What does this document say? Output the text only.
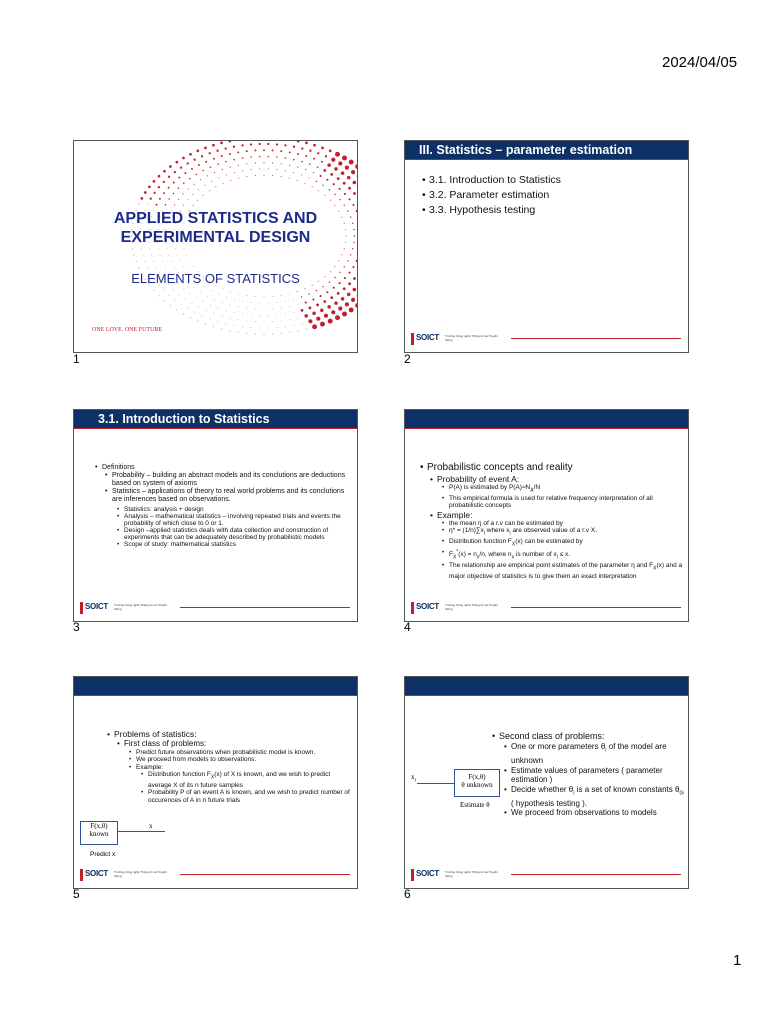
2024/04/05
APPLIED STATISTICS AND
EXPERIMENTAL DESIGN
ELEMENTS OF STATISTICS
ONE LOVE. ONE FUTURE
1
III. Statistics – parameter estimation
• 3.1. Introduction to Statistics
• 3.2. Parameter estimation
• 3.3. Hypothesis testing
SOICT Trường Công nghệ Thông tin và Truyền thông
2
3.1. Introduction to Statistics
• Definitions
• Probability – building an abstract models and its conclutions are deductions based on system of axioms
• Statistics – applications of theory to real world problems and its conclutions are inferences based on observations.
• Statistics: analysis + design
• Analysis – mathematical statistics – involving repeated trials and events the probability of which close to 0 or 1.
• Design –applied statistics deals with data collection and construction of experiments that can be adequately described by probabilistic models
• Scope of study: mathematical statistics
SOICT Trường Công nghệ Thông tin và Truyền thông
3
• Probabilistic concepts and reality
• Probability of event A:
• P(A) is estimated by $P(A)\approx N_A/N$
• This empirical formula is used for relative frequency interpretation of all probabilistic concepts
• Example:
• the mean η of a r.v can be estimated by
• $\eta* = (1/n)\sum x_i$ where $x_i$ are observed value of a r.v X.
• Distribution function $F_X(x)$ can be estimated by
• $F_X^*(x) = n_x/n$, where $n_x$ is number of $x_i \le x$.
• The relationship are empirical point estimates of the parameter η and $F_X(x)$ and a major objective of statistics is to give them an exact interpretation
SOICT Trường Công nghệ Thông tin và Truyền thông
4
• Problems of statistics:
• First class of problems:
• Predict future observations when probabilistic model is known.
• We proceed from models to observations.
• Example:
• Distribution function $F_X(x)$ of X is known, and we wish to predict average X of its n future samples
• Probability P of an event A is known, and we wish to predict number of occurences of A in n future trials
F(x,θ)
known
x
Predict x
SOICT Trường Công nghệ Thông tin và Truyền thông
5
• Second class of problems:
• One or more parameters $\theta_i$ of the model are unknown
• Estimate values of parameters ( parameter estimation )
• Decide whether $\theta_i$ is a set of known constants $\theta_{0i}$ ( hypothesis testing ).
• We proceed from observations to models
$x_i$	F(x,θ)
θ unknown
Estimate θ
SOICT Trường Công nghệ Thông tin và Truyền thông
6
1
